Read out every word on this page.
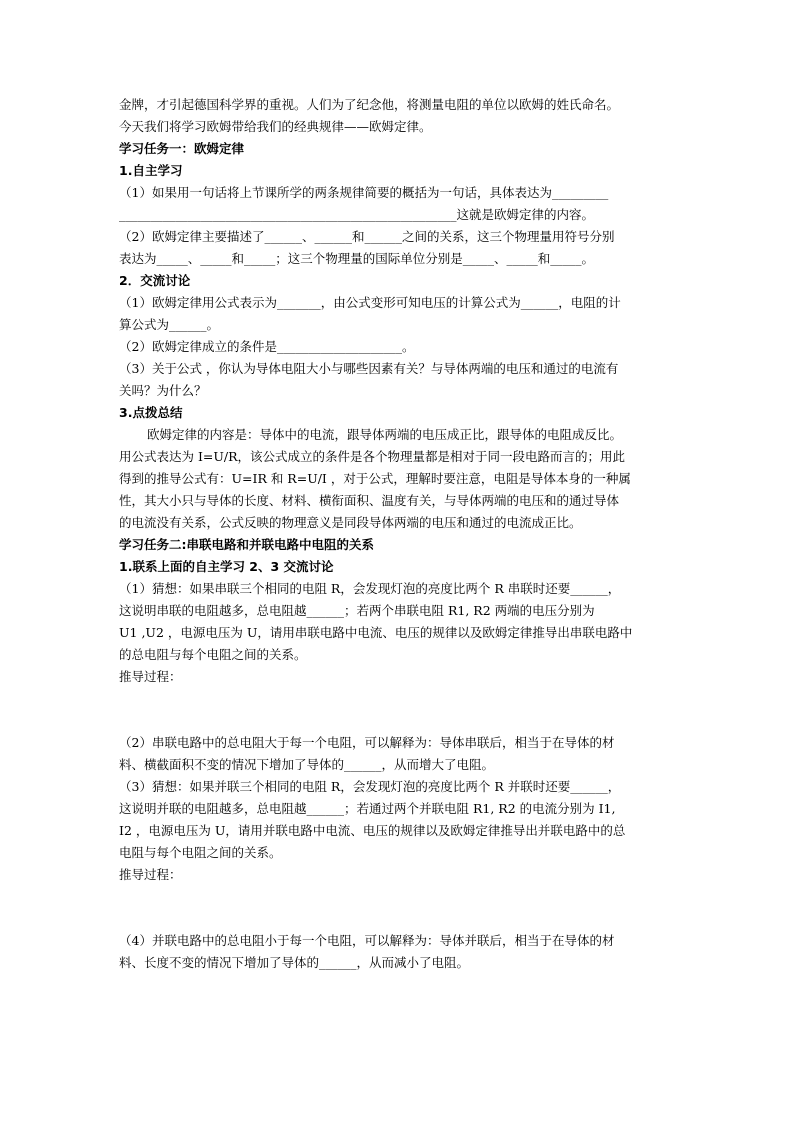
金牌，才引起德国科学界的重视。人们为了纪念他，将测量电阻的单位以欧姆的姓氏命名。

今天我们将学习欧姆带给我们的经典规律——欧姆定律。

学习任务一：欧姆定律

1.自主学习

（1）如果用一句话将上节课所学的两条规律简要的概括为一句话，具体表达为_________

______________________________________________________这就是欧姆定律的内容。

（2）欧姆定律主要描述了______、______和______之间的关系，这三个物理量用符号分别

表达为_____、_____和_____；这三个物理量的国际单位分别是_____、_____和_____。

2．交流讨论

（1）欧姆定律用公式表示为_______，由公式变形可知电压的计算公式为______，电阻的计

算公式为______。

（2）欧姆定律成立的条件是____________________。

（3）关于公式 ，你认为导体电阻大小与哪些因素有关？与导体两端的电压和通过的电流有

关吗？为什么？

3.点拨总结

欧姆定律的内容是：导体中的电流，跟导体两端的电压成正比，跟导体的电阻成反比。

用公式表达为 I=U/R，该公式成立的条件是各个物理量都是相对于同一段电路而言的；用此

得到的推导公式有：U=IR 和 R=U/I ，对于公式，理解时要注意，电阻是导体本身的一种属

性，其大小只与导体的长度、材料、横衔面积、温度有关，与导体两端的电压和的通过导体

的电流没有关系，公式反映的物理意义是同段导体两端的电压和通过的电流成正比。

学习任务二:串联电路和并联电路中电阻的关系

1.联系上面的自主学习 2、3 交流讨论

（1）猜想：如果串联三个相同的电阻 R，会发现灯泡的亮度比两个 R 串联时还要______，

这说明串联的电阻越多，总电阻越______；若两个串联电阻 R1, R2 两端的电压分别为

U1 ,U2 ，电源电压为 U，请用串联电路中电流、电压的规律以及欧姆定律推导出串联电路中

的总电阻与每个电阻之间的关系。

推导过程：

（2）串联电路中的总电阻大于每一个电阻，可以解释为：导体串联后，相当于在导体的材

料、横截面积不变的情况下增加了导体的______，从而增大了电阻。

（3）猜想：如果并联三个相同的电阻 R，会发现灯泡的亮度比两个 R 并联时还要______，

这说明并联的电阻越多，总电阻越______；若通过两个并联电阻 R1, R2 的电流分别为 I1,

I2 ，电源电压为 U，请用并联电路中电流、电压的规律以及欧姆定律推导出并联电路中的总

电阻与每个电阻之间的关系。

推导过程：

（4）并联电路中的总电阻小于每一个电阻，可以解释为：导体并联后，相当于在导体的材

料、长度不变的情况下增加了导体的______，从而减小了电阻。
